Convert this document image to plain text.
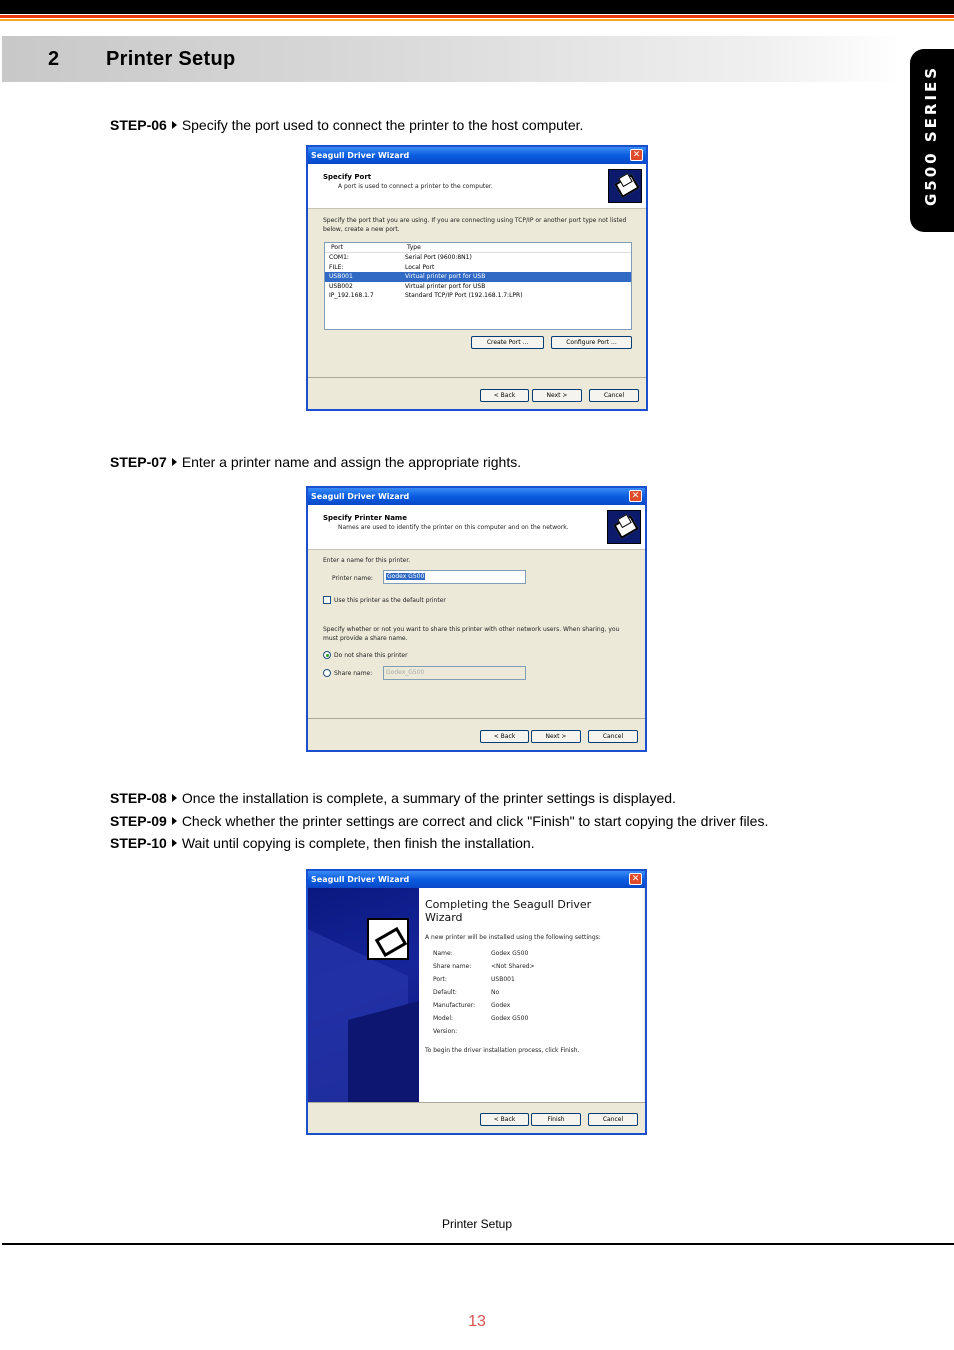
2 Printer Setup
G500 SERIES
STEP-06 Specify the port used to connect the printer to the host computer.
Seagull Driver Wizard	✕
Specify Port
A port is used to connect a printer to the computer.
Specify the port that you are using. If you are connecting using TCP/IP or another port type not listed below, create a new port.
Port	Type
COM1:	Serial Port (9600:8N1)
FILE:	Local Port
USB001	Virtual printer port for USB
USB002	Virtual printer port for USB
IP_192.168.1.7	Standard TCP/IP Port (192.168.1.7:LPR)
Create Port ...	Configure Port ...
< Back	Next >	Cancel
STEP-07 Enter a printer name and assign the appropriate rights.
Seagull Driver Wizard	✕
Specify Printer Name
Names are used to identify the printer on this computer and on the network.
Enter a name for this printer.
Printer name:	Godex G500
Use this printer as the default printer
Specify whether or not you want to share this printer with other network users. When sharing, you must provide a share name.
Do not share this printer
Share name:	Godex_G500
< Back	Next >	Cancel
STEP-08 Once the installation is complete, a summary of the printer settings is displayed.
STEP-09 Check whether the printer settings are correct and click "Finish" to start copying the driver files.
STEP-10 Wait until copying is complete, then finish the installation.
Seagull Driver Wizard	✕
Completing the Seagull Driver Wizard
A new printer will be installed using the following settings:
Name:	Godex G500
Share name:	<Not Shared>
Port:	USB001
Default:	No
Manufacturer:	Godex
Model:	Godex G500
Version:
To begin the driver installation process, click Finish.
< Back	Finish	Cancel
Printer Setup
13
